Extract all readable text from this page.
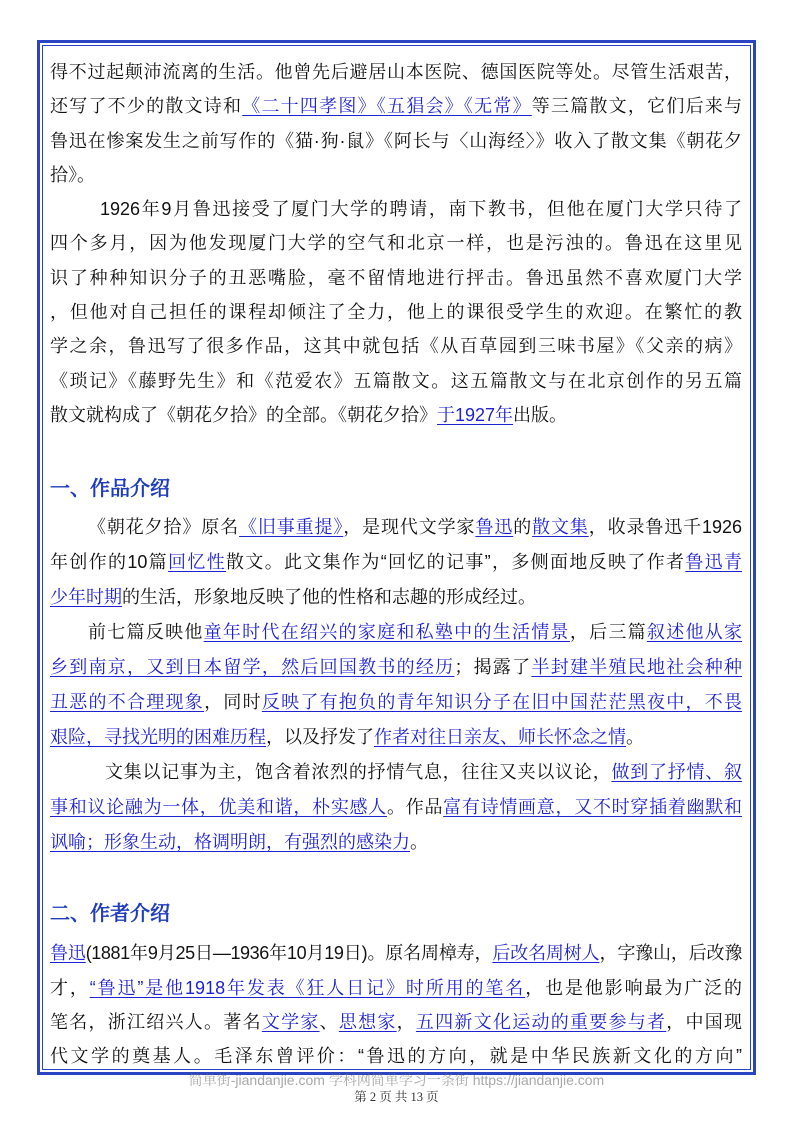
得不过起颠沛流离的生活。他曾先后避居山本医院、德国医院等处。尽管生活艰苦，
还写了不少的散文诗和《二十四孝图》《五猖会》《无常》等三篇散文，它们后来与
鲁迅在惨案发生之前写作的《猫·狗·鼠》《阿长与〈山海经〉》收入了散文集《朝花夕
拾》。
1926年9月鲁迅接受了厦门大学的聘请，南下教书，但他在厦门大学只待了
四个多月，因为他发现厦门大学的空气和北京一样，也是污浊的。鲁迅在这里见
识了种种知识分子的丑恶嘴脸，毫不留情地进行抨击。鲁迅虽然不喜欢厦门大学
，但他对自己担任的课程却倾注了全力，他上的课很受学生的欢迎。在繁忙的教
学之余，鲁迅写了很多作品，这其中就包括《从百草园到三味书屋》《父亲的病》
《琐记》《藤野先生》和《范爱农》五篇散文。这五篇散文与在北京创作的另五篇
散文就构成了《朝花夕拾》的全部。《朝花夕拾》于1927年出版。
一、作品介绍
《朝花夕拾》原名《旧事重提》，是现代文学家鲁迅的散文集，收录鲁迅千1926
年创作的10篇回忆性散文。此文集作为“回忆的记事”，多侧面地反映了作者鲁迅青
少年时期的生活，形象地反映了他的性格和志趣的形成经过。
前七篇反映他童年时代在绍兴的家庭和私塾中的生活情景，后三篇叙述他从家
乡到南京，又到日本留学，然后回国教书的经历；揭露了半封建半殖民地社会种种
丑恶的不合理现象，同时反映了有抱负的青年知识分子在旧中国茫茫黑夜中，不畏
艰险，寻找光明的困难历程，以及抒发了作者对往日亲友、师长怀念之情。
文集以记事为主，饱含着浓烈的抒情气息，往往又夹以议论，做到了抒情、叙
事和议论融为一体，优美和谐，朴实感人。作品富有诗情画意，又不时穿插着幽默和
讽喻；形象生动，格调明朗，有强烈的感染力。
二、作者介绍
鲁迅(1881年9月25日—1936年10月19日)。原名周樟寿，后改名周树人，字豫山，后改豫
才，“鲁迅”是他1918年发表《狂人日记》时所用的笔名，也是他影响最为广泛的
笔名，浙江绍兴人。著名文学家、思想家，五四新文化运动的重要参与者，中国现
代文学的奠基人。毛泽东曾评价：“鲁迅的方向，就是中华民族新文化的方向”
简单街-jiandanjie.com 学科网简单学习一条街 https://jiandanjie.com
第 2 页 共 13 页
